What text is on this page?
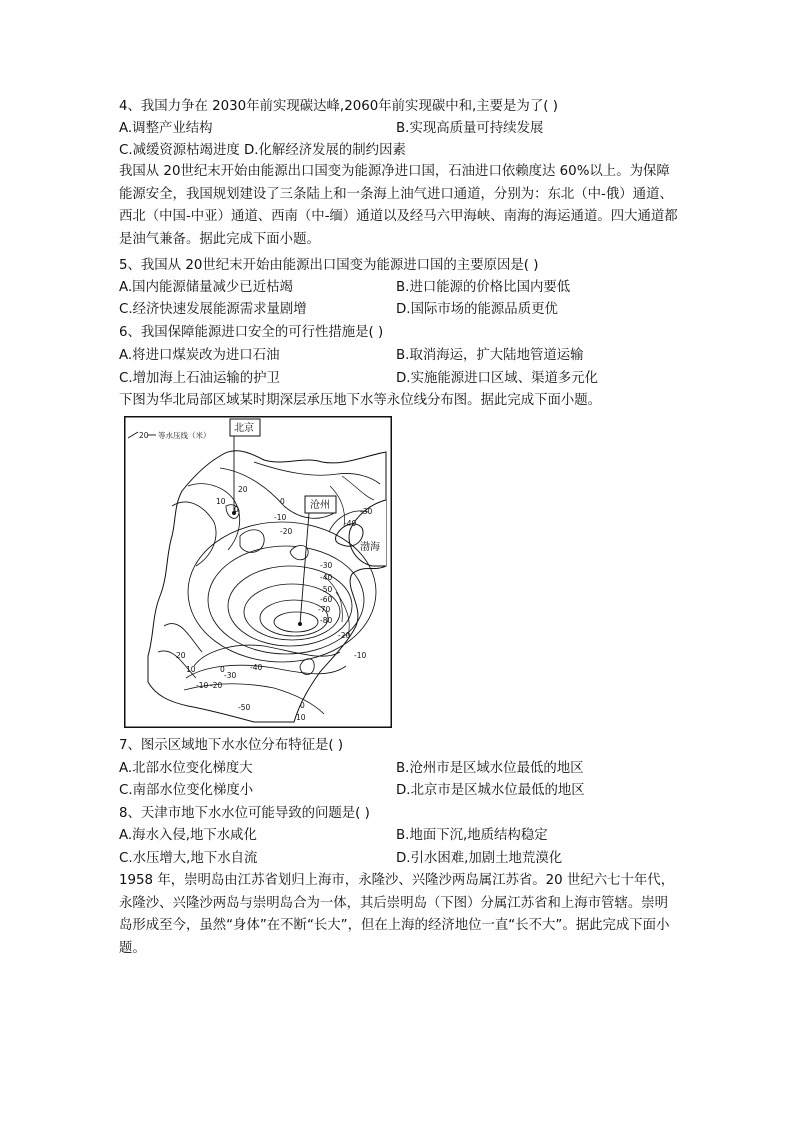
4、我国力争在 2030年前实现碳达峰,2060年前实现碳中和,主要是为了( )
A.调整产业结构	B.实现高质量可持续发展
C.减缓资源枯竭进度 D.化解经济发展的制约因素
我国从 20世纪末开始由能源出口国变为能源净进口国，石油进口依赖度达 60%以上。为保障能源安全，我国规划建设了三条陆上和一条海上油气进口通道，分别为：东北（中-俄）通道、西北（中国-中亚）通道、西南（中-缅）通道以及经马六甲海峡、南海的海运通道。四大通道都是油气兼备。据此完成下面小题。
5、我国从 20世纪末开始由能源出口国变为能源进口国的主要原因是( )
A.国内能源储量减少已近枯竭	B.进口能源的价格比国内要低
C.经济快速发展能源需求量剧增	D.国际市场的能源品质更优
6、我国保障能源进口安全的可行性措施是( )
A.将进口煤炭改为进口石油	B.取消海运，扩大陆地管道运输
C.增加海上石油运输的护卫	D.实施能源进口区域、渠道多元化
下图为华北局部区域某时期深层承压地下水等永位线分布图。据此完成下面小题。
20 等水压线（米）
北京
沧州
渤海
20
10
0
0
-10
-20
-30
-40
-30
-40
-50
-60
-70
-80
-20
-10
20
10	0
-10 -20
-30
-40
-50	0
10
7、图示区域地下水水位分布特征是( )
A.北部水位变化梯度大	B.沧州市是区域水位最低的地区
C.南部水位变化梯度小	D.北京市是区城水位最低的地区
8、天津市地下水水位可能导致的问题是( )
A.海水入侵,地下水咸化	B.地面下沉,地质结构稳定
C.水压增大,地下水自流	D.引水困难,加剧土地荒漠化
1958 年，崇明岛由江苏省划归上海市，永隆沙、兴隆沙两岛属江苏省。20 世纪六七十年代，永隆沙、兴隆沙两岛与崇明岛合为一体，其后崇明岛（下图）分属江苏省和上海市管辖。崇明岛形成至今，虽然“身体”在不断“长大”，但在上海的经济地位一直“长不大”。据此完成下面小题。
